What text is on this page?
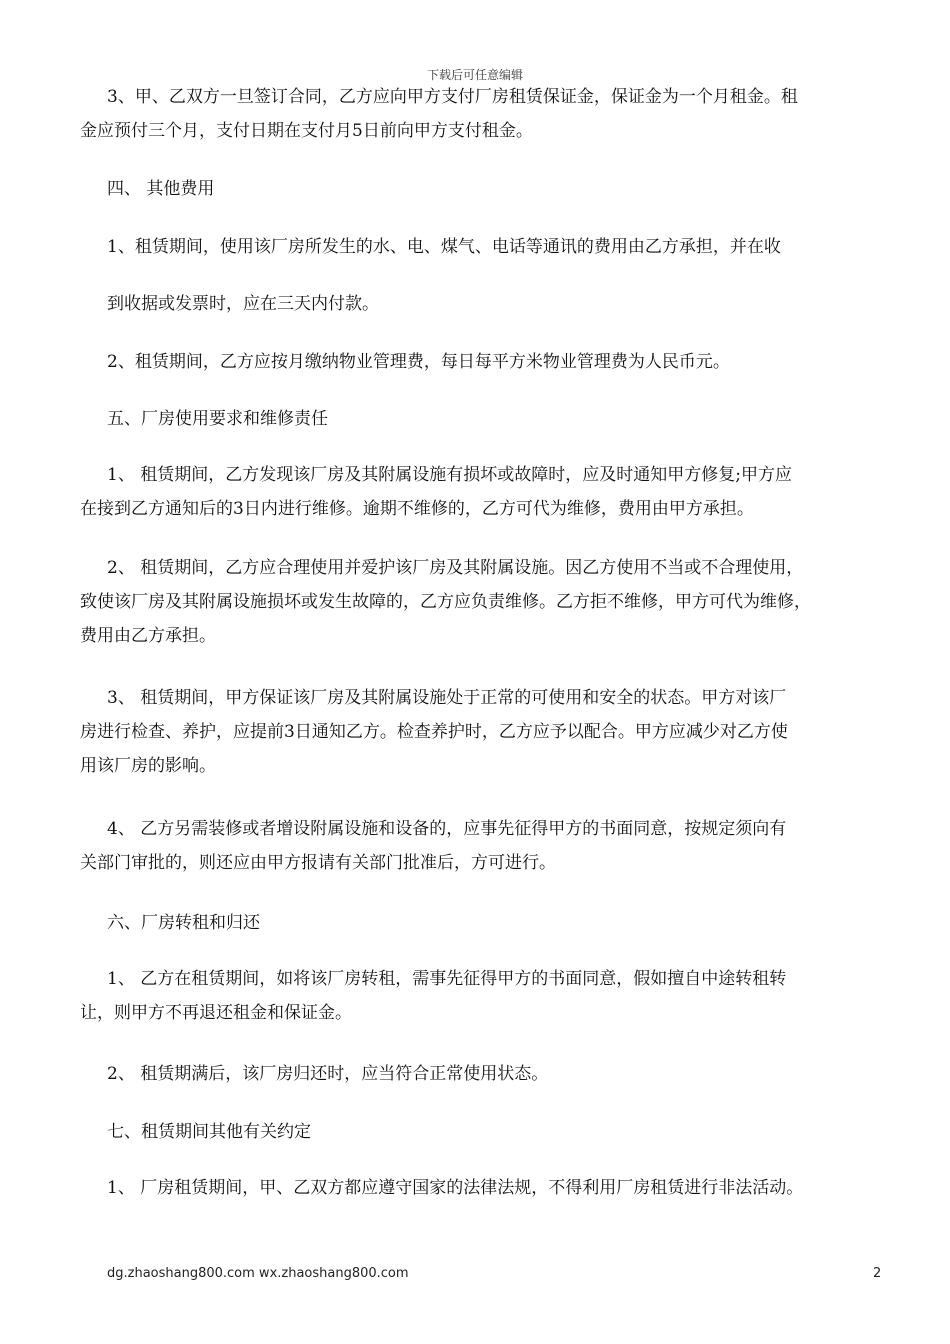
下载后可任意编辑
3、甲、乙双方一旦签订合同，乙方应向甲方支付厂房租赁保证金，保证金为一个月租金。租
金应预付三个月，支付日期在支付月5日前向甲方支付租金。
四、 其他费用
1、租赁期间，使用该厂房所发生的水、电、煤气、电话等通讯的费用由乙方承担，并在收
到收据或发票时，应在三天内付款。
2、租赁期间，乙方应按月缴纳物业管理费，每日每平方米物业管理费为人民币元。
五、厂房使用要求和维修责任
1、 租赁期间，乙方发现该厂房及其附属设施有损坏或故障时，应及时通知甲方修复;甲方应
在接到乙方通知后的3日内进行维修。逾期不维修的，乙方可代为维修，费用由甲方承担。
2、 租赁期间，乙方应合理使用并爱护该厂房及其附属设施。因乙方使用不当或不合理使用，
致使该厂房及其附属设施损坏或发生故障的，乙方应负责维修。乙方拒不维修，甲方可代为维修，
费用由乙方承担。
3、 租赁期间，甲方保证该厂房及其附属设施处于正常的可使用和安全的状态。甲方对该厂
房进行检查、养护，应提前3日通知乙方。检查养护时，乙方应予以配合。甲方应减少对乙方使
用该厂房的影响。
4、 乙方另需装修或者增设附属设施和设备的，应事先征得甲方的书面同意，按规定须向有
关部门审批的，则还应由甲方报请有关部门批准后，方可进行。
六、厂房转租和归还
1、 乙方在租赁期间，如将该厂房转租，需事先征得甲方的书面同意，假如擅自中途转租转
让，则甲方不再退还租金和保证金。
2、 租赁期满后，该厂房归还时，应当符合正常使用状态。
七、租赁期间其他有关约定
1、 厂房租赁期间，甲、乙双方都应遵守国家的法律法规，不得利用厂房租赁进行非法活动。
dg.zhaoshang800.com wx.zhaoshang800.com	2
